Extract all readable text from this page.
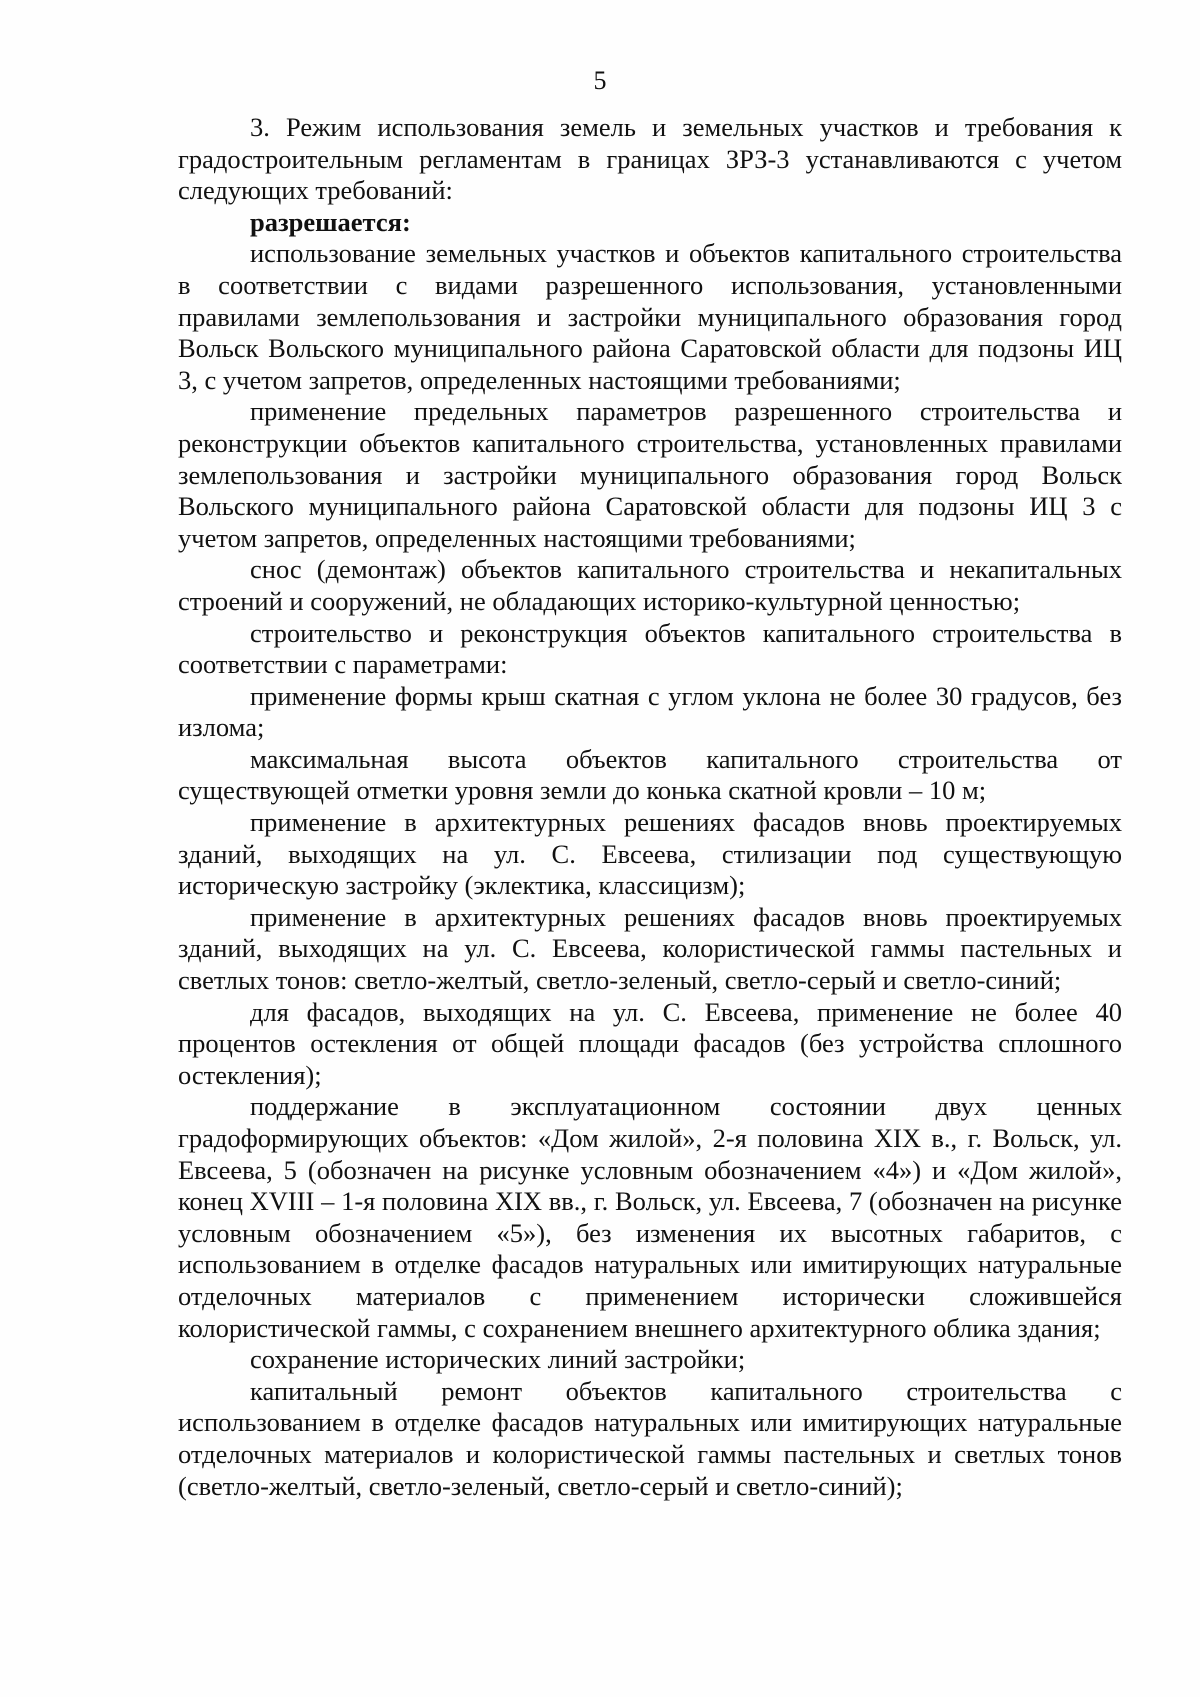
5

3. Режим использования земель и земельных участков и требования к градостроительным регламентам в границах ЗРЗ-3 устанавливаются с учетом следующих требований:

разрешается:

использование земельных участков и объектов капитального строительства в соответствии с видами разрешенного использования, установленными правилами землепользования и застройки муниципального образования город Вольск Вольского муниципального района Саратовской области для подзоны ИЦ 3, с учетом запретов, определенных настоящими требованиями;

применение предельных параметров разрешенного строительства и реконструкции объектов капитального строительства, установленных правилами землепользования и застройки муниципального образования город Вольск Вольского муниципального района Саратовской области для подзоны ИЦ 3 с учетом запретов, определенных настоящими требованиями;

снос (демонтаж) объектов капитального строительства и некапитальных строений и сооружений, не обладающих историко-культурной ценностью;

строительство и реконструкция объектов капитального строительства в соответствии с параметрами:

применение формы крыш скатная с углом уклона не более 30 градусов, без излома;

максимальная высота объектов капитального строительства от существующей отметки уровня земли до конька скатной кровли – 10 м;

применение в архитектурных решениях фасадов вновь проектируемых зданий, выходящих на ул. С. Евсеева, стилизации под существующую историческую застройку (эклектика, классицизм);

применение в архитектурных решениях фасадов вновь проектируемых зданий, выходящих на ул. С. Евсеева, колористической гаммы пастельных и светлых тонов: светло-желтый, светло-зеленый, светло-серый и светло-синий;

для фасадов, выходящих на ул. С. Евсеева, применение не более 40 процентов остекления от общей площади фасадов (без устройства сплошного остекления);

поддержание в эксплуатационном состоянии двух ценных градоформирующих объектов: «Дом жилой», 2-я половина XIX в., г. Вольск, ул. Евсеева, 5 (обозначен на рисунке условным обозначением «4») и «Дом жилой», конец XVIII – 1-я половина XIX вв., г. Вольск, ул. Евсеева, 7 (обозначен на рисунке условным обозначением «5»), без изменения их высотных габаритов, с использованием в отделке фасадов натуральных или имитирующих натуральные отделочных материалов с применением исторически сложившейся колористической гаммы, с сохранением внешнего архитектурного облика здания;

сохранение исторических линий застройки;

капитальный ремонт объектов капитального строительства с использованием в отделке фасадов натуральных или имитирующих натуральные отделочных материалов и колористической гаммы пастельных и светлых тонов (светло-желтый, светло-зеленый, светло-серый и светло-синий);
